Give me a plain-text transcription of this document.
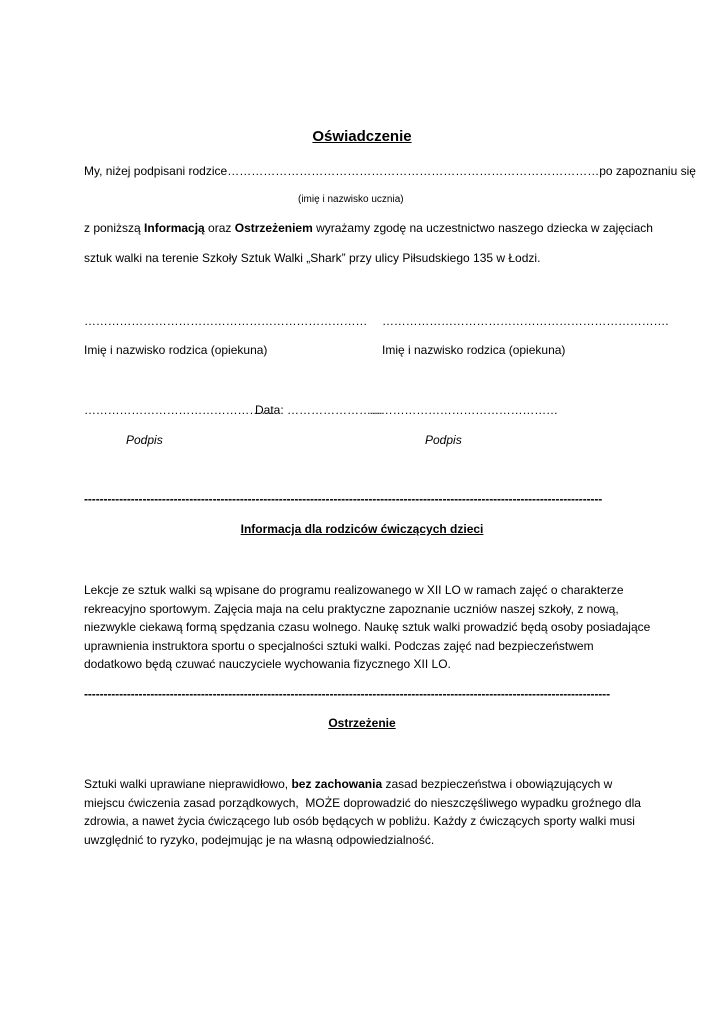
Oświadczenie
My, niżej podpisani rodzice…………………………………………………………………………………po zapoznaniu się
(imię i nazwisko ucznia)
z poniższą Informacją oraz Ostrzeżeniem wyrażamy zgodę na uczestnictwo naszego dziecka w zajęciach
sztuk walki na terenie Szkoły Sztuk Walki „Shark” przy ulicy Piłsudskiego 135 w Łodzi.
……………………………………………………………… ……………………………………………………………….
Imię i nazwisko rodzica (opiekuna)	Imię i nazwisko rodzica (opiekuna)
…………………………………………
Data: ……………………
…………………………………………
Podpis	Podpis
-------------------------------------------------------------------------------------------------------------------------------------
Informacja dla rodziców ćwiczących dzieci
Lekcje ze sztuk walki są wpisane do programu realizowanego w XII LO w ramach zajęć o charakterze
rekreacyjno sportowym. Zajęcia maja na celu praktyczne zapoznanie uczniów naszej szkoły, z nową,
niezwykle ciekawą formą spędzania czasu wolnego. Naukę sztuk walki prowadzić będą osoby posiadające
uprawnienia instruktora sportu o specjalności sztuki walki. Podczas zajęć nad bezpieczeństwem
dodatkowo będą czuwać nauczyciele wychowania fizycznego XII LO.
---------------------------------------------------------------------------------------------------------------------------------------
Ostrzeżenie
Sztuki walki uprawiane nieprawidłowo, bez zachowania zasad bezpieczeństwa i obowiązujących w
miejscu ćwiczenia zasad porządkowych,  MOŻE doprowadzić do nieszczęśliwego wypadku groźnego dla
zdrowia, a nawet życia ćwiczącego lub osób będących w pobliżu. Każdy z ćwiczących sporty walki musi
uwzględnić to ryzyko, podejmując je na własną odpowiedzialność.
